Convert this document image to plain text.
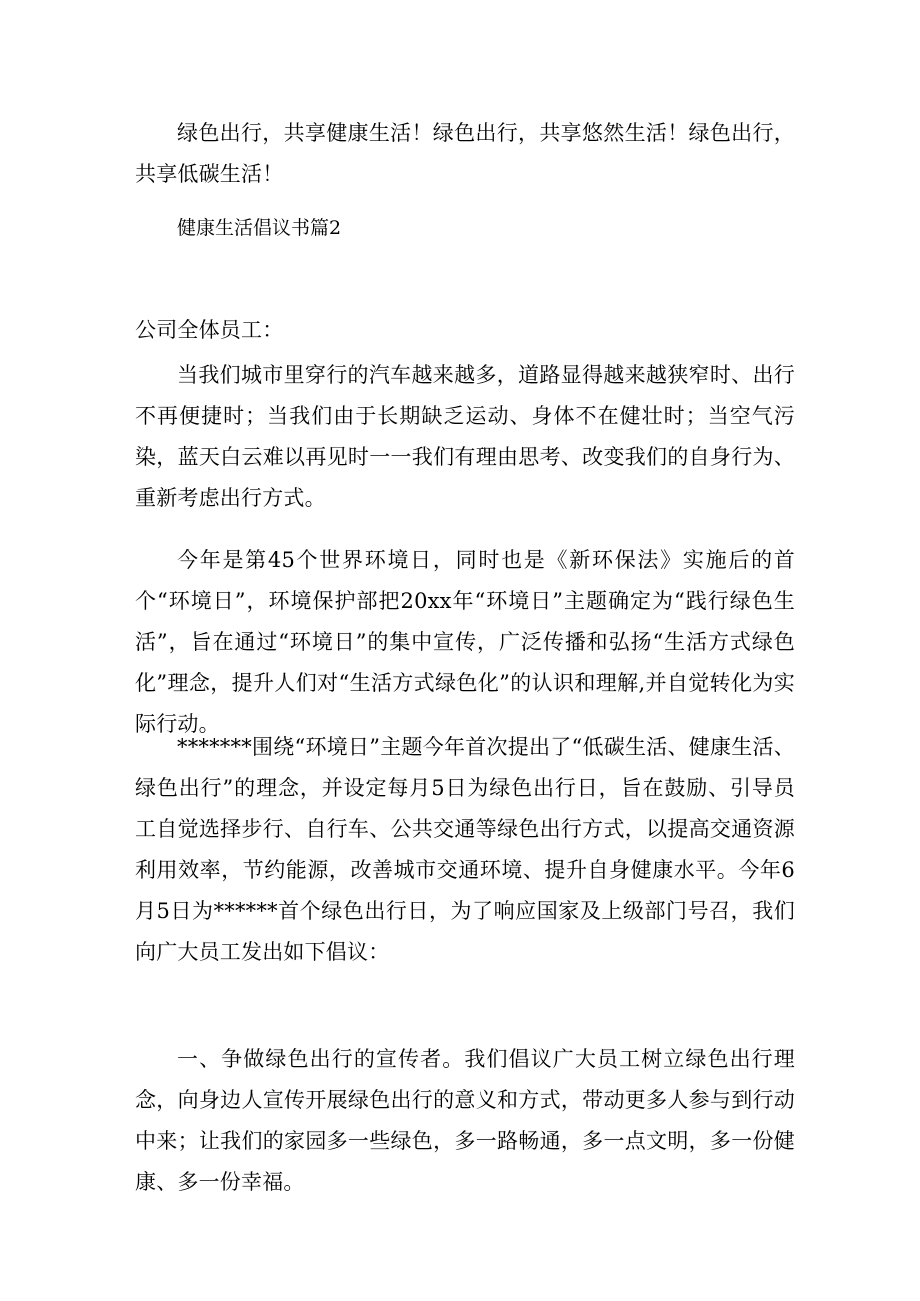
绿色出行，共享健康生活！绿色出行，共享悠然生活！绿色出行，共享低碳生活！

健康生活倡议书篇2

公司全体员工：

当我们城市里穿行的汽车越来越多，道路显得越来越狭窄时、出行不再便捷时；当我们由于长期缺乏运动、身体不在健壮时；当空气污染，蓝天白云难以再见时一一我们有理由思考、改变我们的自身行为、重新考虑出行方式。

今年是第45个世界环境日，同时也是《新环保法》实施后的首个“环境日”，环境保护部把20xx年“环境日”主题确定为“践行绿色生活”，旨在通过“环境日”的集中宣传，广泛传播和弘扬“生活方式绿色化”理念，提升人们对“生活方式绿色化”的认识和理解,并自觉转化为实际行动。

*******围绕“环境日”主题今年首次提出了“低碳生活、健康生活、绿色出行”的理念，并设定每月5日为绿色出行日，旨在鼓励、引导员工自觉选择步行、自行车、公共交通等绿色出行方式，以提高交通资源利用效率，节约能源，改善城市交通环境、提升自身健康水平。今年6月5日为******首个绿色出行日，为了响应国家及上级部门号召，我们向广大员工发出如下倡议：

一、争做绿色出行的宣传者。我们倡议广大员工树立绿色出行理念，向身边人宣传开展绿色出行的意义和方式，带动更多人参与到行动中来；让我们的家园多一些绿色，多一路畅通，多一点文明，多一份健康、多一份幸福。
